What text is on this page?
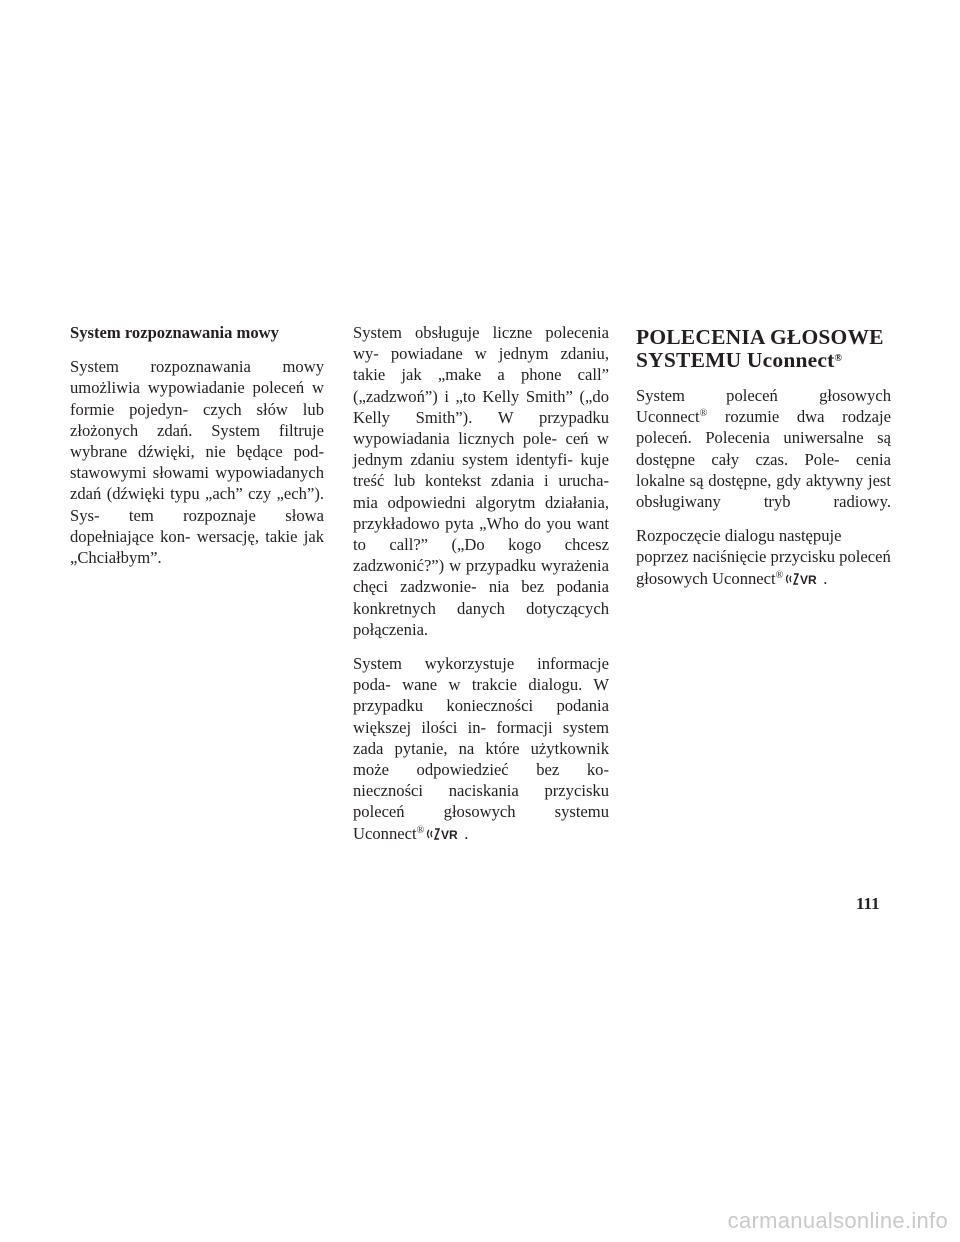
System rozpoznawania mowy

System rozpoznawania mowy umożliwia wypowiadanie poleceń w formie pojedyn- czych słów lub złożonych zdań. System filtruje wybrane dźwięki, nie będące pod- stawowymi słowami wypowiadanych zdań (dźwięki typu „ach” czy „ech”). Sys- tem rozpoznaje słowa dopełniające kon- wersację, takie jak „Chciałbym”.

System obsługuje liczne polecenia wy- powiadane w jednym zdaniu, takie jak „make a phone call” („zadzwoń”) i „to Kelly Smith” („do Kelly Smith”). W przypadku wypowiadania licznych pole- ceń w jednym zdaniu system identyfi- kuje treść lub kontekst zdania i urucha- mia odpowiedni algorytm działania, przykładowo pyta „Who do you want to call?” („Do kogo chcesz zadzwonić?”) w przypadku wyrażenia chęci zadzwonie- nia bez podania konkretnych danych dotyczących połączenia.

System wykorzystuje informacje poda- wane w trakcie dialogu. W przypadku konieczności podania większej ilości in- formacji system zada pytanie, na które użytkownik może odpowiedzieć bez ko- nieczności naciskania przycisku poleceń głosowych systemu Uconnect® VR .

POLECENIA GŁOSOWE
SYSTEMU Uconnect®

System poleceń głosowych Uconnect® rozumie dwa rodzaje poleceń. Polecenia uniwersalne są dostępne cały czas. Pole- cenia lokalne są dostępne, gdy aktywny jest obsługiwany tryb radiowy.

Rozpoczęcie dialogu następuje poprzez naciśnięcie przycisku poleceń głosowych Uconnect® VR .

111
carmanualsonline.info
